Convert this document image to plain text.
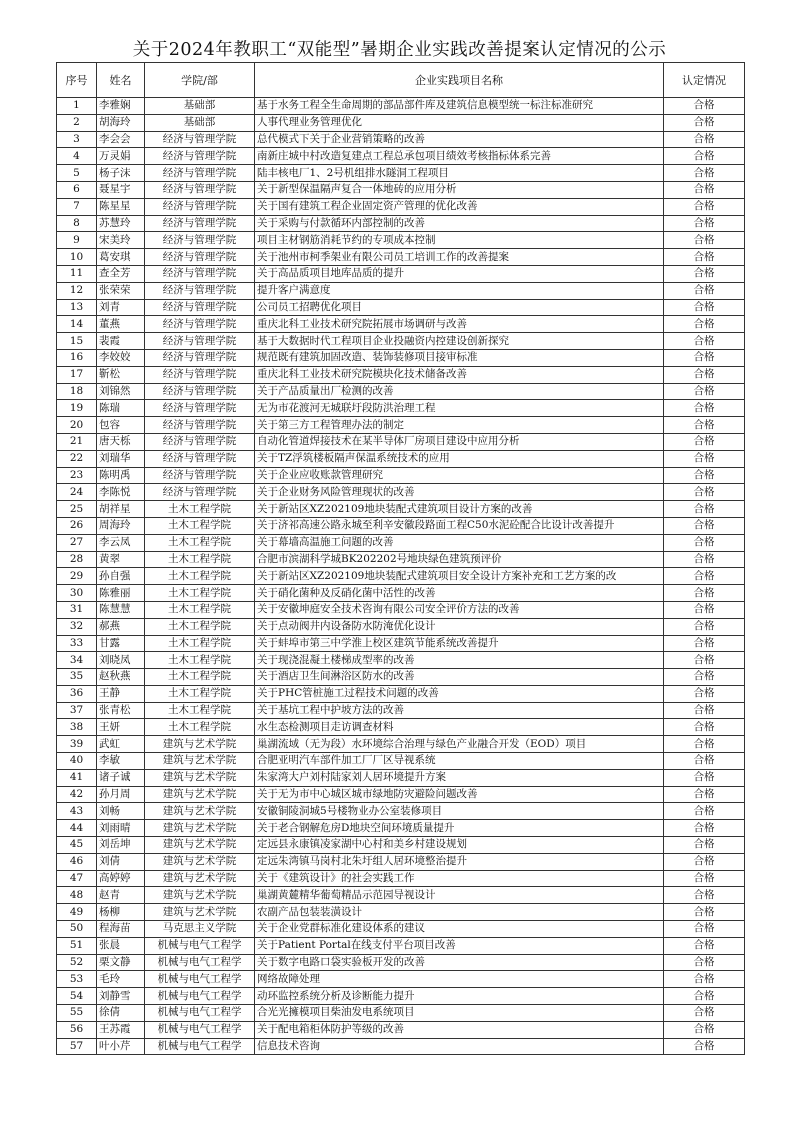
关于2024年教职工“双能型”暑期企业实践改善提案认定情况的公示
序号	姓名	学院/部	企业实践项目名称	认定情况
1	李雅娴	基础部	基于水务工程全生命周期的部品部件库及建筑信息模型统一标注标准研究	合格
2	胡海玲	基础部	人事代理业务管理优化	合格
3	李会会	经济与管理学院	总代模式下关于企业营销策略的改善	合格
4	万灵娟	经济与管理学院	南新庄城中村改造复建点工程总承包项目绩效考核指标体系完善	合格
5	杨子沫	经济与管理学院	陆丰核电厂1、2号机组排水隧洞工程项目	合格
6	聂星宇	经济与管理学院	关于新型保温隔声复合一体地砖的应用分析	合格
7	陈星星	经济与管理学院	关于国有建筑工程企业固定资产管理的优化改善	合格
8	苏慧玲	经济与管理学院	关于采购与付款循环内部控制的改善	合格
9	宋美玲	经济与管理学院	项目主材钢筋消耗节约的专项成本控制	合格
10	葛安琪	经济与管理学院	关于池州市柯季架业有限公司员工培训工作的改善提案	合格
11	查全芳	经济与管理学院	关于高品质项目地库品质的提升	合格
12	张荣荣	经济与管理学院	提升客户满意度	合格
13	刘青	经济与管理学院	公司员工招聘优化项目	合格
14	董燕	经济与管理学院	重庆北科工业技术研究院拓展市场调研与改善	合格
15	裴霞	经济与管理学院	基于大数据时代工程项目企业投融资内控建设创新探究	合格
16	李姣姣	经济与管理学院	规范既有建筑加固改造、装饰装修项目接审标准	合格
17	靳松	经济与管理学院	重庆北科工业技术研究院模块化技术储备改善	合格
18	刘锦然	经济与管理学院	关于产品质量出厂检测的改善	合格
19	陈瑞	经济与管理学院	无为市花渡河无城联圩段防洪治理工程	合格
20	包容	经济与管理学院	关于第三方工程管理办法的制定	合格
21	唐天栎	经济与管理学院	自动化管道焊接技术在某半导体厂房项目建设中应用分析	合格
22	刘瑞华	经济与管理学院	关于TZ浮筑楼板隔声保温系统技术的应用	合格
23	陈明禹	经济与管理学院	关于企业应收账款管理研究	合格
24	李陈悦	经济与管理学院	关于企业财务风险管理现状的改善	合格
25	胡祥星	土木工程学院	关于新站区XZ202109地块装配式建筑项目设计方案的改善	合格
26	周海玲	土木工程学院	关于济祁高速公路永城至利辛安徽段路面工程C50水泥砼配合比设计改善提升	合格
27	李云凤	土木工程学院	关于幕墙高温施工问题的改善	合格
28	黄翠	土木工程学院	合肥市滨湖科学城BK202202号地块绿色建筑预评价	合格
29	孙自强	土木工程学院	关于新站区XZ202109地块装配式建筑项目安全设计方案补充和工艺方案的改	合格
30	陈雅丽	土木工程学院	关于硝化菌种及反硝化菌中活性的改善	合格
31	陈慧慧	土木工程学院	关于安徽坤庭安全技术咨询有限公司安全评价方法的改善	合格
32	郝燕	土木工程学院	关于点动阀井内设备防水防淹优化设计	合格
33	甘露	土木工程学院	关于蚌埠市第三中学淮上校区建筑节能系统改善提升	合格
34	刘晓凤	土木工程学院	关于现浇混凝土楼梯成型率的改善	合格
35	赵秋燕	土木工程学院	关于酒店卫生间淋浴区防水的改善	合格
36	王静	土木工程学院	关于PHC管桩施工过程技术问题的改善	合格
37	张青松	土木工程学院	关于基坑工程中护坡方法的改善	合格
38	王妍	土木工程学院	水生态检测项目走访调查材料	合格
39	武虹	建筑与艺术学院	巢湖流域（无为段）水环境综合治理与绿色产业融合开发（EOD）项目	合格
40	李敏	建筑与艺术学院	合肥亚明汽车部件加工厂厂区导视系统	合格
41	诸子诚	建筑与艺术学院	朱家湾大户刘村陆家刘人居环境提升方案	合格
42	孙月周	建筑与艺术学院	关于无为市中心城区城市绿地防灾避险问题改善	合格
43	刘畅	建筑与艺术学院	安徽铜陵洞城5号楼物业办公室装修项目	合格
44	刘雨晴	建筑与艺术学院	关于老合钢解危房D地块空间环境质量提升	合格
45	刘岳坤	建筑与艺术学院	定远县永康镇凌家湖中心村和美乡村建设规划	合格
46	刘倩	建筑与艺术学院	定远朱湾镇马岗村北朱圩组人居环境整治提升	合格
47	高婷婷	建筑与艺术学院	关于《建筑设计》的社会实践工作	合格
48	赵青	建筑与艺术学院	巢湖黄麓精华葡萄精品示范园导视设计	合格
49	杨柳	建筑与艺术学院	农副产品包装装潢设计	合格
50	程海苗	马克思主义学院	关于企业党群标准化建设体系的建议	合格
51	张晨	机械与电气工程学	关于Patient Portal在线支付平台项目改善	合格
52	栗文静	机械与电气工程学	关于数字电路口袋实验板开发的改善	合格
53	毛玲	机械与电气工程学	网络故障处理	合格
54	刘静雪	机械与电气工程学	动环监控系统分析及诊断能力提升	合格
55	徐倩	机械与电气工程学	合光光擁模项目柴油发电系统项目	合格
56	王苏霞	机械与电气工程学	关于配电箱柜体防护等级的改善	合格
57	叶小芹	机械与电气工程学	信息技术咨询	合格
